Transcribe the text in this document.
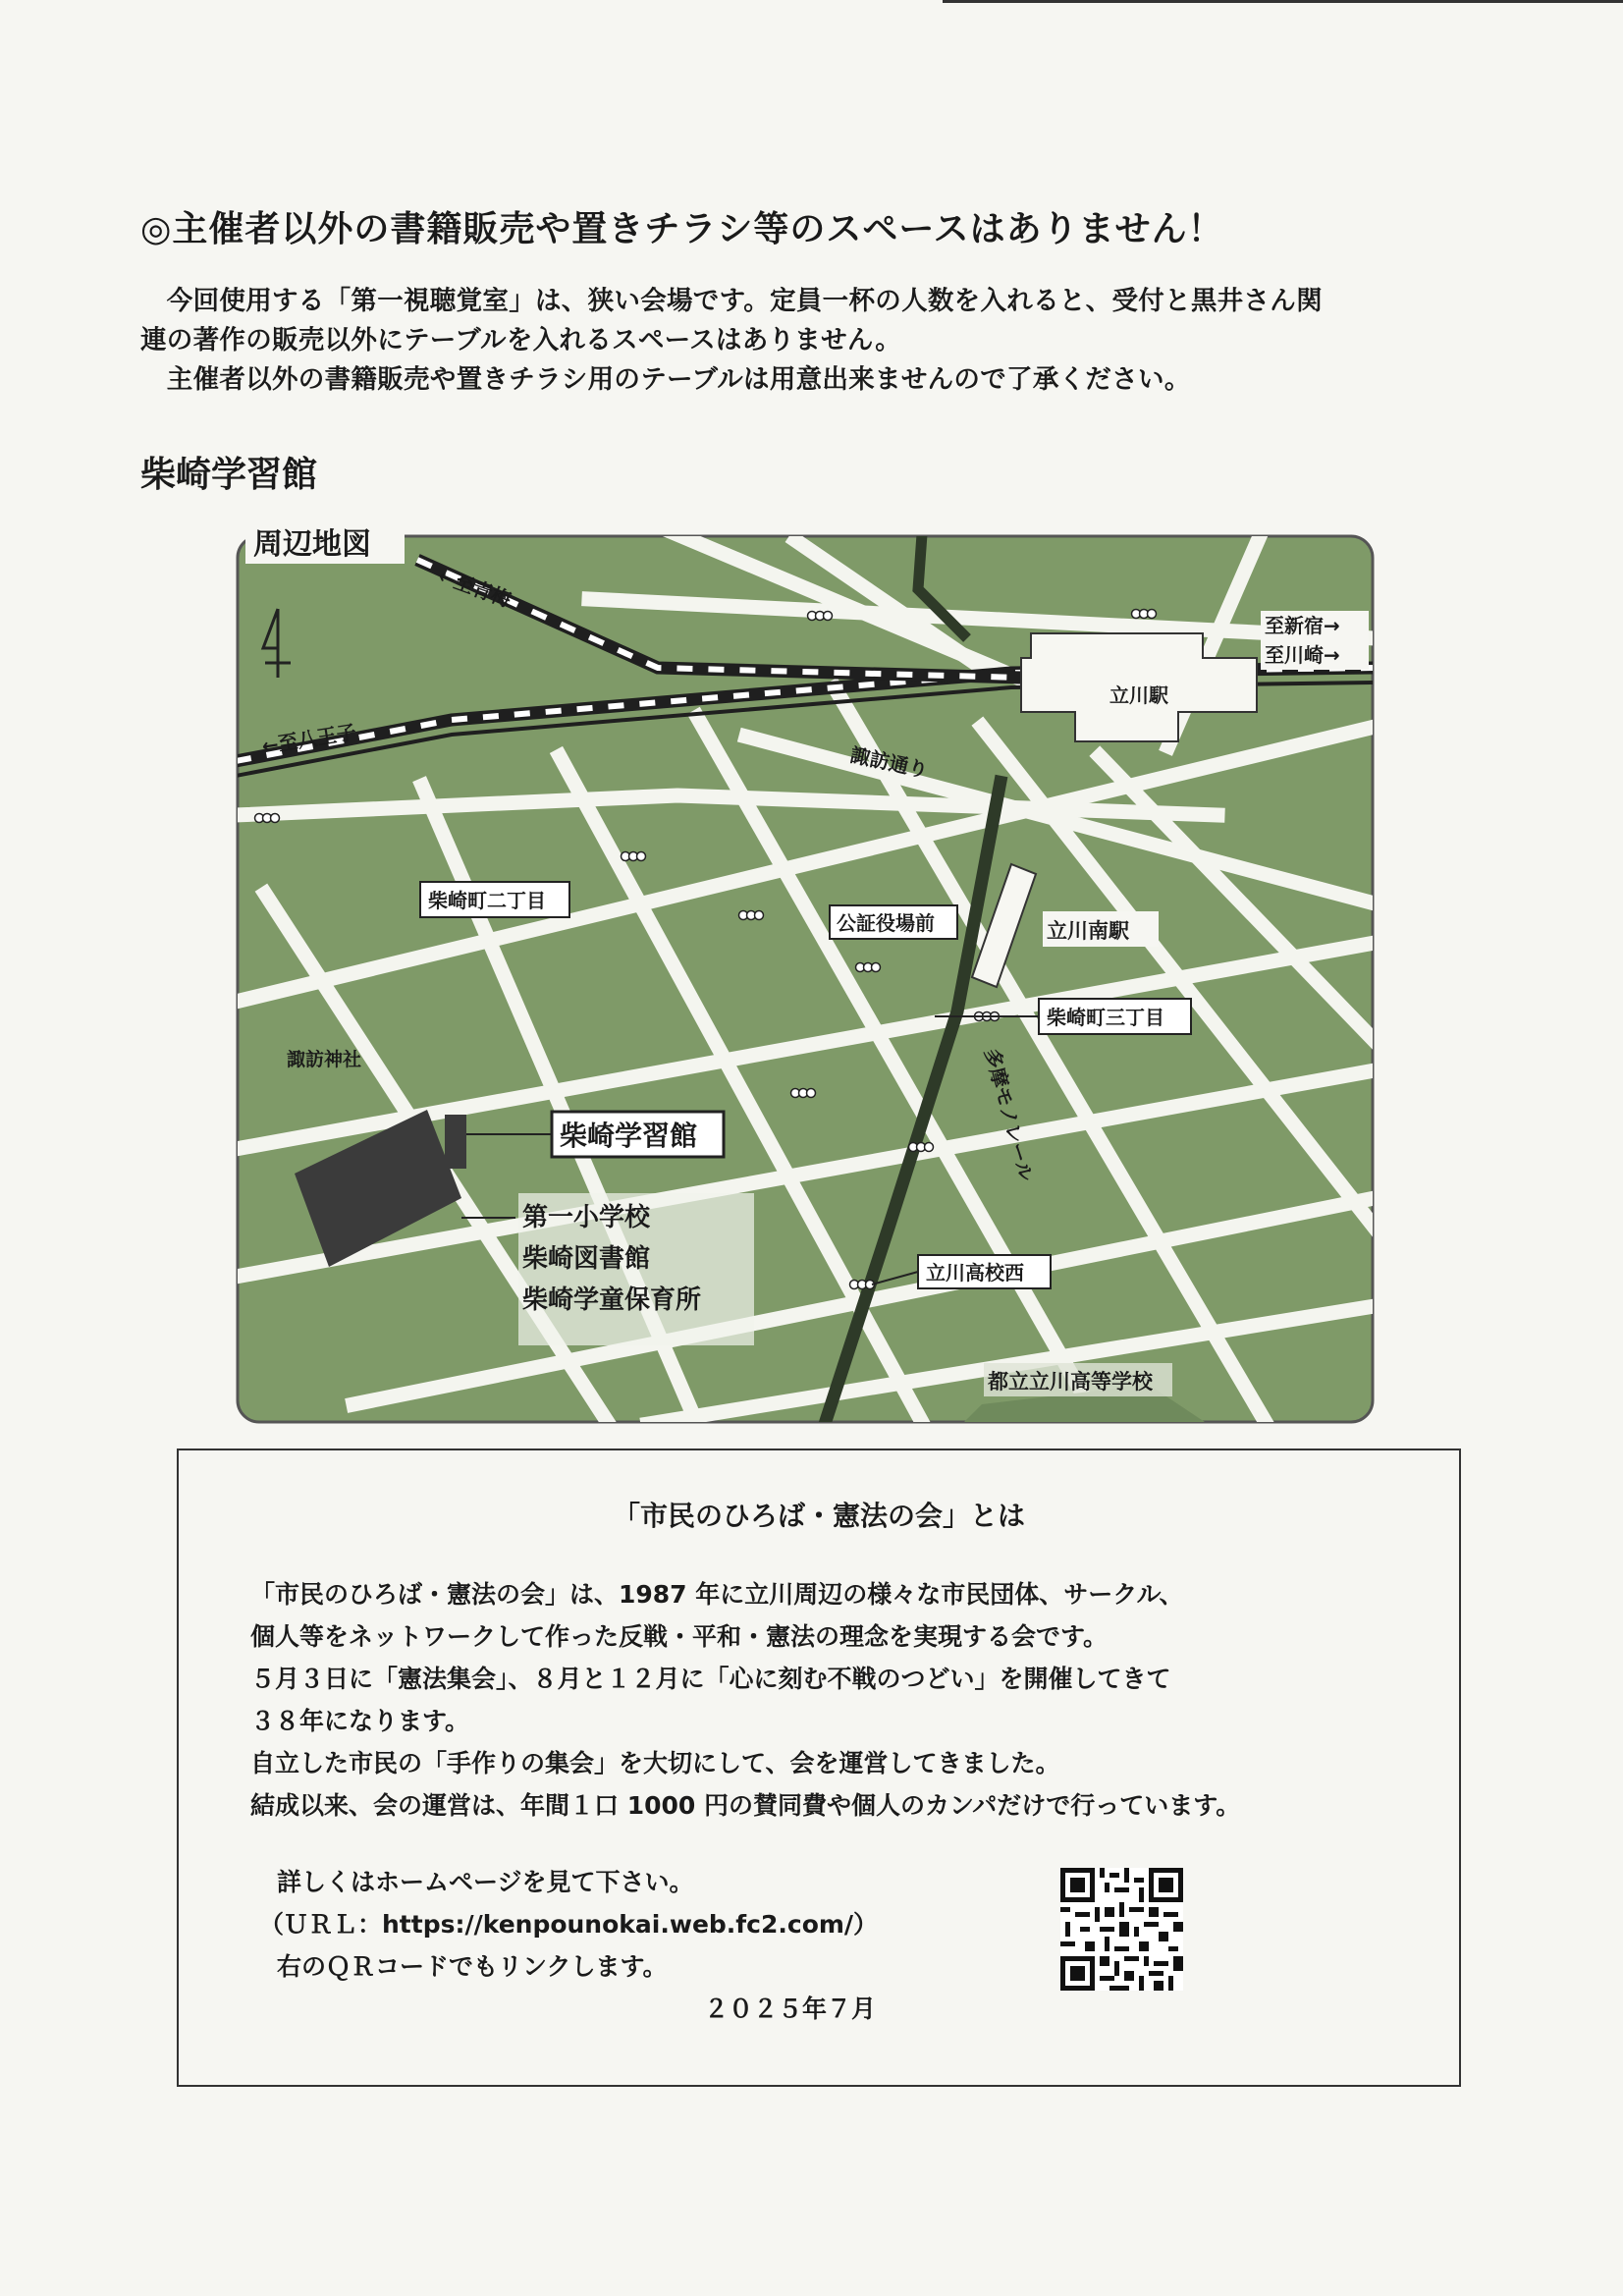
◎主催者以外の書籍販売や置きチラシ等のスペースはありません！
　今回使用する「第一視聴覚室」は、狭い会場です。定員一杯の人数を入れると、受付と黒井さん関
連の著作の販売以外にテーブルを入れるスペースはありません。
　主催者以外の書籍販売や置きチラシ用のテーブルは用意出来ませんので了承ください。
柴崎学習館
周辺地図
←至青梅
←至八王子
至新宿→
至川崎→
立川駅
諏訪通り
柴崎町二丁目
公証役場前	立川南駅
柴崎町三丁目
諏訪神社
柴崎学習館	多摩モノレール
第一小学校
柴崎図書館
柴崎学童保育所
立川高校西
都立立川高等学校
「市民のひろば・憲法の会」とは
「市民のひろば・憲法の会」は、1987 年に立川周辺の様々な市民団体、サークル、
個人等をネットワークして作った反戦・平和・憲法の理念を実現する会です。
５月３日に「憲法集会」、８月と１２月に「心に刻む不戦のつどい」を開催してきて
３８年になります。
自立した市民の「手作りの集会」を大切にして、会を運営してきました。
結成以来、会の運営は、年間１口 1000 円の賛同費や個人のカンパだけで行っています。
詳しくはホームページを見て下さい。
（ＵＲＬ：https://kenpounokai.web.fc2.com/）
右のＱＲコードでもリンクします。
２０２５年７月
